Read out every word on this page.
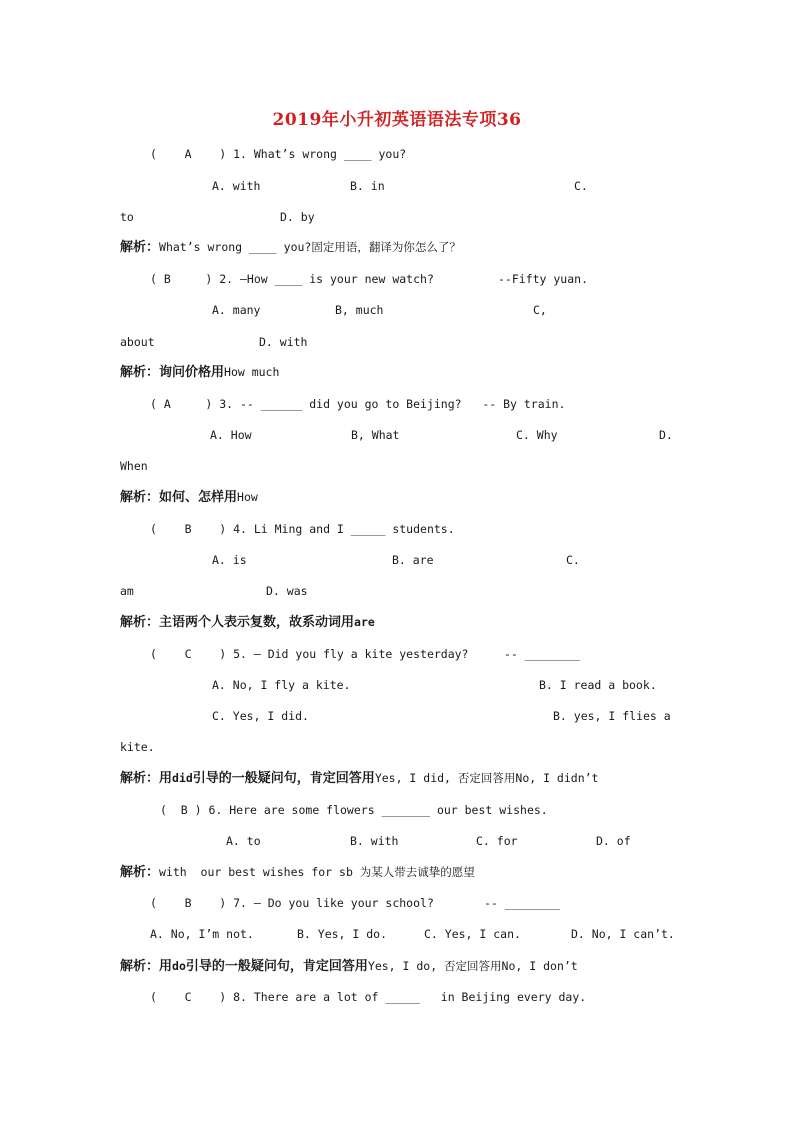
2019年小升初英语语法专项36
(    A    ) 1. What’s wrong ____ you?
A. with	B. in	C.
to	D. by
解析：What’s wrong ____ you?固定用语，翻译为你怎么了？
( B     ) 2. –How ____ is your new watch?	--Fifty yuan.
A. many	B, much	C,
about	D. with
解析：询问价格用How much
( A     ) 3. -- ______ did you go to Beijing?   -- By train.
A. How	B, What	C. Why	D.
When
解析：如何、怎样用How
(    B    ) 4. Li Ming and I _____ students.
A. is	B. are	C.
am	D. was
解析：主语两个人表示复数，故系动词用are
(    C    ) 5. – Did you fly a kite yesterday?	-- ________
A. No, I fly a kite.	B. I read a book.
C. Yes, I did.	B. yes, I flies a
kite.
解析：用did引导的一般疑问句，肯定回答用Yes, I did, 否定回答用No, I didn’t
(  B ) 6. Here are some flowers _______ our best wishes.
A. to	B. with	C. for	D. of
解析：with  our best wishes for sb 为某人带去诚挚的愿望
(    B    ) 7. – Do you like your school?	-- ________
A. No, I’m not.	B. Yes, I do.	C. Yes, I can.	D. No, I can’t.
解析：用do引导的一般疑问句，肯定回答用Yes, I do, 否定回答用No, I don’t
(    C    ) 8. There are a lot of _____   in Beijing every day.
